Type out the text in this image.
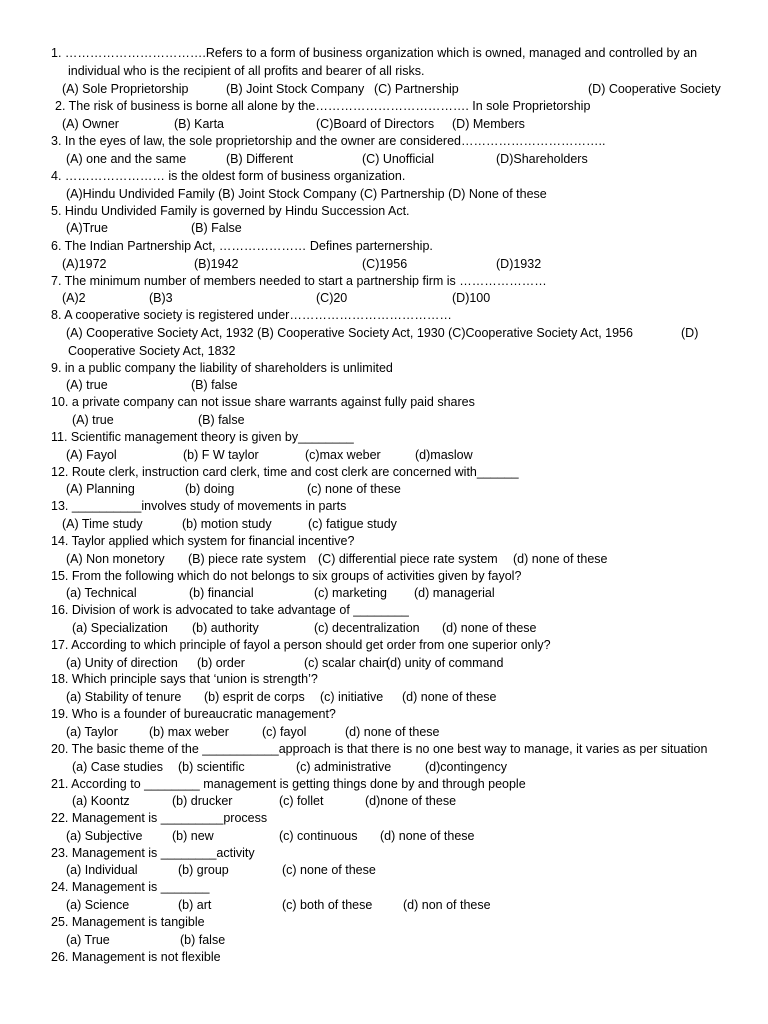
1. …………………………….Refers to a form of business organization which is owned, managed and controlled by an
individual who is the recipient of all profits and bearer of all risks.
(A) Sole Proprietorship	(B) Joint Stock Company (C) Partnership	(D) Cooperative Society
2. The risk of business is borne all alone by the………………………………. In sole Proprietorship
(A) Owner	(B) Karta	(C)Board of Directors (D) Members
3. In the eyes of law, the sole proprietorship and the owner are considered……………………………..
(A) one and the same	(B) Different	(C) Unofficial	(D)Shareholders
4. …………………… is the oldest form of business organization.
(A)Hindu Undivided Family (B) Joint Stock Company (C) Partnership (D) None of these
5. Hindu Undivided Family is governed by Hindu Succession Act.
(A)True	(B) False
6. The Indian Partnership Act, ………………… Defines parternership.
(A)1972	(B)1942	(C)1956	(D)1932
7. The minimum number of members needed to start a partnership firm is …………………
(A)2	(B)3	(C)20	(D)100
8. A cooperative society is registered under…………………………………
(A) Cooperative Society Act, 1932 (B) Cooperative Society Act, 1930 (C)Cooperative Society Act, 1956	(D)
Cooperative Society Act, 1832
9. in a public company the liability of shareholders is unlimited
(A) true	(B) false
10. a private company can not issue share warrants against fully paid shares
(A) true	(B) false
11. Scientific management theory is given by________
(A) Fayol	(b) F W taylor	(c)max weber	(d)maslow
12. Route clerk, instruction card clerk, time and cost clerk are concerned with______
(A) Planning	(b) doing	(c) none of these
13. __________involves study of movements in parts
(A) Time study	(b) motion study	(c) fatigue study
14. Taylor applied which system for financial incentive?
(A) Non monetory (B) piece rate system (C) differential piece rate system (d) none of these
15. From the following which do not belongs to six groups of activities given by fayol?
(a) Technical	(b) financial	(c) marketing (d) managerial
16. Division of work is advocated to take advantage of ________
(a) Specialization (b) authority	(c) decentralization (d) none of these
17. According to which principle of fayol a person should get order from one superior only?
(a) Unity of direction (b) order	(c) scalar chain
(d) unity of command
18. Which principle says that ‘union is strength’?
(a) Stability of tenure (b) esprit de corps (c) initiative (d) none of these
19. Who is a founder of bureaucratic management?
(a) Taylor (b) max weber	(c) fayol	(d) none of these
20. The basic theme of the ___________approach is that there is no one best way to manage, it varies as per situation
(a) Case studies (b) scientific	(c) administrative	(d)contingency
21. According to ________ management is getting things done by and through people
(a) Koontz	(b) drucker	(c) follet	(d)none of these
22. Management is _________process
(a) Subjective (b) new	(c) continuous (d) none of these
23. Management is ________activity
(a) Individual	(b) group	(c) none of these
24. Management is _______
(a) Science	(b) art	(c) both of these (d) non of these
25. Management is tangible
(a) True	(b) false
26. Management is not flexible
